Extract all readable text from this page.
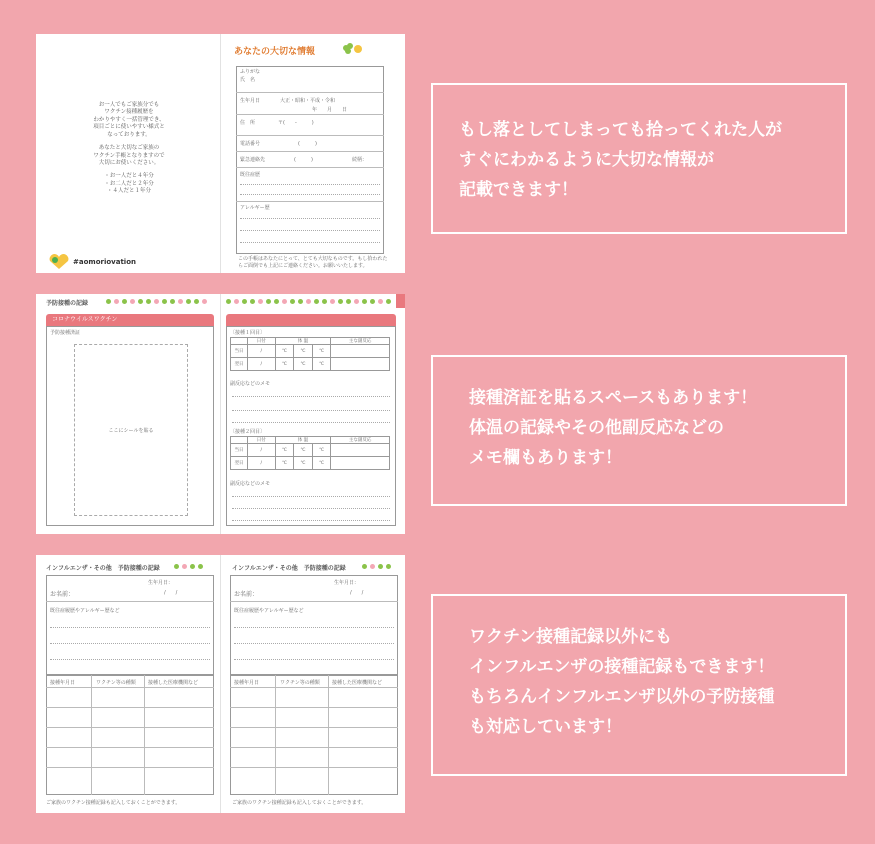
お一人でもご家族分でも
ワクチン接種履歴を
わかりやすく一括管理でき、
項目ごとに使いやすい様式と
なっております。
あなたと大切なご家族の
ワクチン手帳となりますので
大切にお使いください。
・お一人だと４年分
・お二人だと２年分
・４人だと１年分
#aomoriovation
あなたの大切な情報
ふりがな
氏　名
生年月日	大正・昭和・平成・令和
年　　月　　日
住　所	〒(　　-　　　)
電話番号	(　　　)
緊急連絡先	(　　　)	続柄：
既往症歴
アレルギー歴
この手帳はあなたにとって、とても大切なものです。もし拾われたらご面倒でも上記にご連絡ください。お願いいたします。
予防接種の記録
コロナウイルスワクチン
予防接種済証
ここにシールを貼る
〔接種１回目〕
	日付	体 温			主な副反応
当日	/	℃	℃	℃	
翌日	/	℃	℃	℃	
副反応などのメモ
〔接種２回目〕
	日付	体 温			主な副反応
当日	/	℃	℃	℃	
翌日	/	℃	℃	℃	
副反応などのメモ
インフルエンザ・その他　予防接種の記録
生年月日：
/　　/
お名前：
既往症履歴やアレルギー歴など
接種年月日	ワクチン等の種類 接種した医療機関など
ご家族のワクチン接種記録も記入しておくことができます。
インフルエンザ・その他　予防接種の記録
生年月日：
/　　/
お名前：
既往症履歴やアレルギー歴など
接種年月日	ワクチン等の種類 接種した医療機関など
ご家族のワクチン接種記録も記入しておくことができます。

もし落としてしまっても拾ってくれた人が

すぐにわかるように大切な情報が

記載できます！

接種済証を貼るスペースもあります！

体温の記録やその他副反応などの

メモ欄もあります！

ワクチン接種記録以外にも

インフルエンザの接種記録もできます！

もちろんインフルエンザ以外の予防接種

も対応しています！
